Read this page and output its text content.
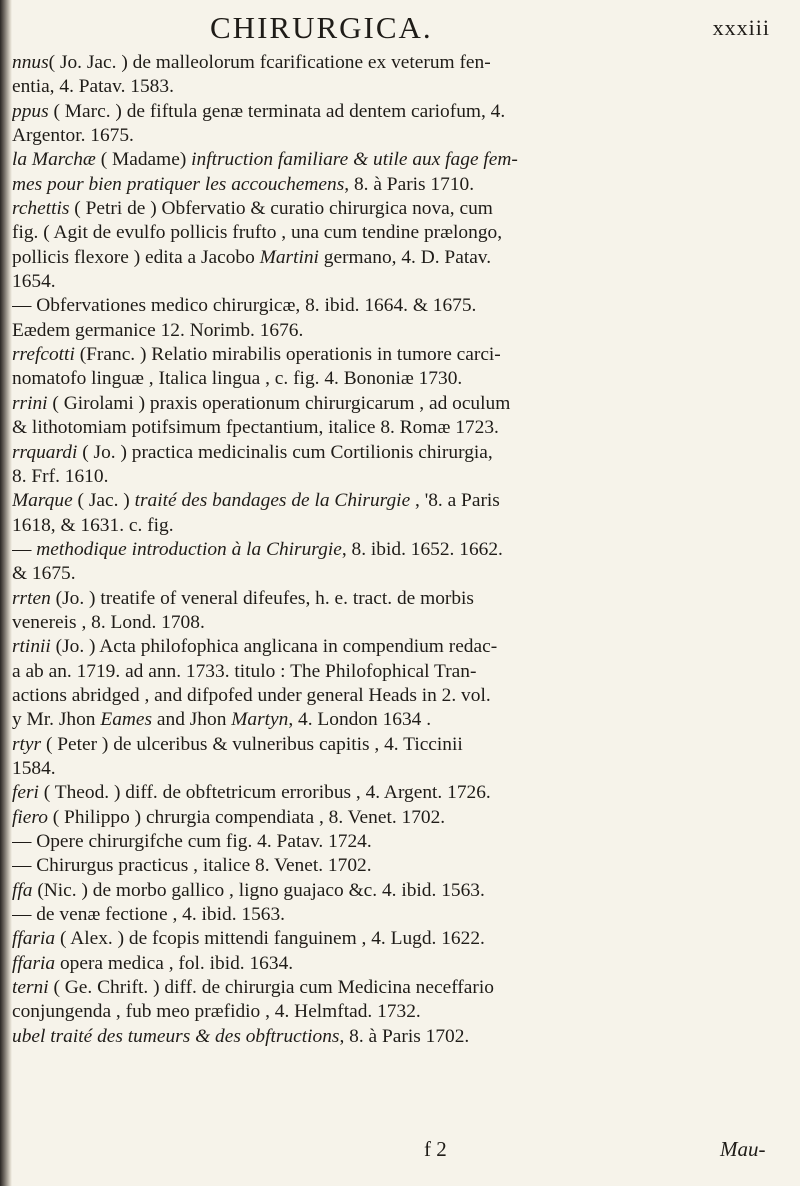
CHIRURGICA.	xxxiii
nnus( Jo. Jac. ) de malleolorum fcarificatione ex veterum fen-
entia, 4. Patav. 1583.
ppus ( Marc. ) de fiftula genæ terminata ad dentem cariofum, 4.
Argentor. 1675.
la Marchæ ( Madame) inftruction familiare & utile aux fage fem-
mes pour bien pratiquer les accouchemens, 8. à Paris 1710.
rchettis ( Petri de ) Obfervatio & curatio chirurgica nova, cum
fig. ( Agit de evulfo pollicis frufto , una cum tendine prælongo,
pollicis flexore ) edita a Jacobo Martini germano, 4. D. Patav.
1654.
— Obfervationes medico chirurgicæ, 8. ibid. 1664. & 1675.
Eædem germanice 12. Norimb. 1676.
rrefcotti (Franc. ) Relatio mirabilis operationis in tumore carci-
nomatofo linguæ , Italica lingua , c. fig. 4. Bononiæ 1730.
rrini ( Girolami ) praxis operationum chirurgicarum , ad oculum
& lithotomiam potifsimum fpectantium, italice 8. Romæ 1723.
rrquardi ( Jo. ) practica medicinalis cum Cortilionis chirurgia,
8. Frf. 1610.
Marque ( Jac. ) traité des bandages de la Chirurgie , '8. a Paris
1618, & 1631. c. fig.
— methodique introduction à la Chirurgie, 8. ibid. 1652. 1662.
& 1675.
rrten (Jo. ) treatife of veneral difeufes, h. e. tract. de morbis
venereis , 8. Lond. 1708.
rtinii (Jo. ) Acta philofophica anglicana in compendium redac-
a ab an. 1719. ad ann. 1733. titulo : The Philofophical Tran-
actions abridged , and difpofed under general Heads in 2. vol.
y Mr. Jhon Eames and Jhon Martyn, 4. London 1634 .
rtyr ( Peter ) de ulceribus & vulneribus capitis , 4. Ticcinii
1584.
feri ( Theod. ) diff. de obftetricum erroribus , 4. Argent. 1726.
fiero ( Philippo ) chrurgia compendiata , 8. Venet. 1702.
— Opere chirurgifche cum fig. 4. Patav. 1724.
— Chirurgus practicus , italice 8. Venet. 1702.
ffa (Nic. ) de morbo gallico , ligno guajaco &c. 4. ibid. 1563.
— de venæ fectione , 4. ibid. 1563.
ffaria ( Alex. ) de fcopis mittendi fanguinem , 4. Lugd. 1622.
ffaria opera medica , fol. ibid. 1634.
terni ( Ge. Chrift. ) diff. de chirurgia cum Medicina neceffario
conjungenda , fub meo præfidio , 4. Helmftad. 1732.
ubel traité des tumeurs & des obftructions, 8. à Paris 1702.
f 2	Mau-
